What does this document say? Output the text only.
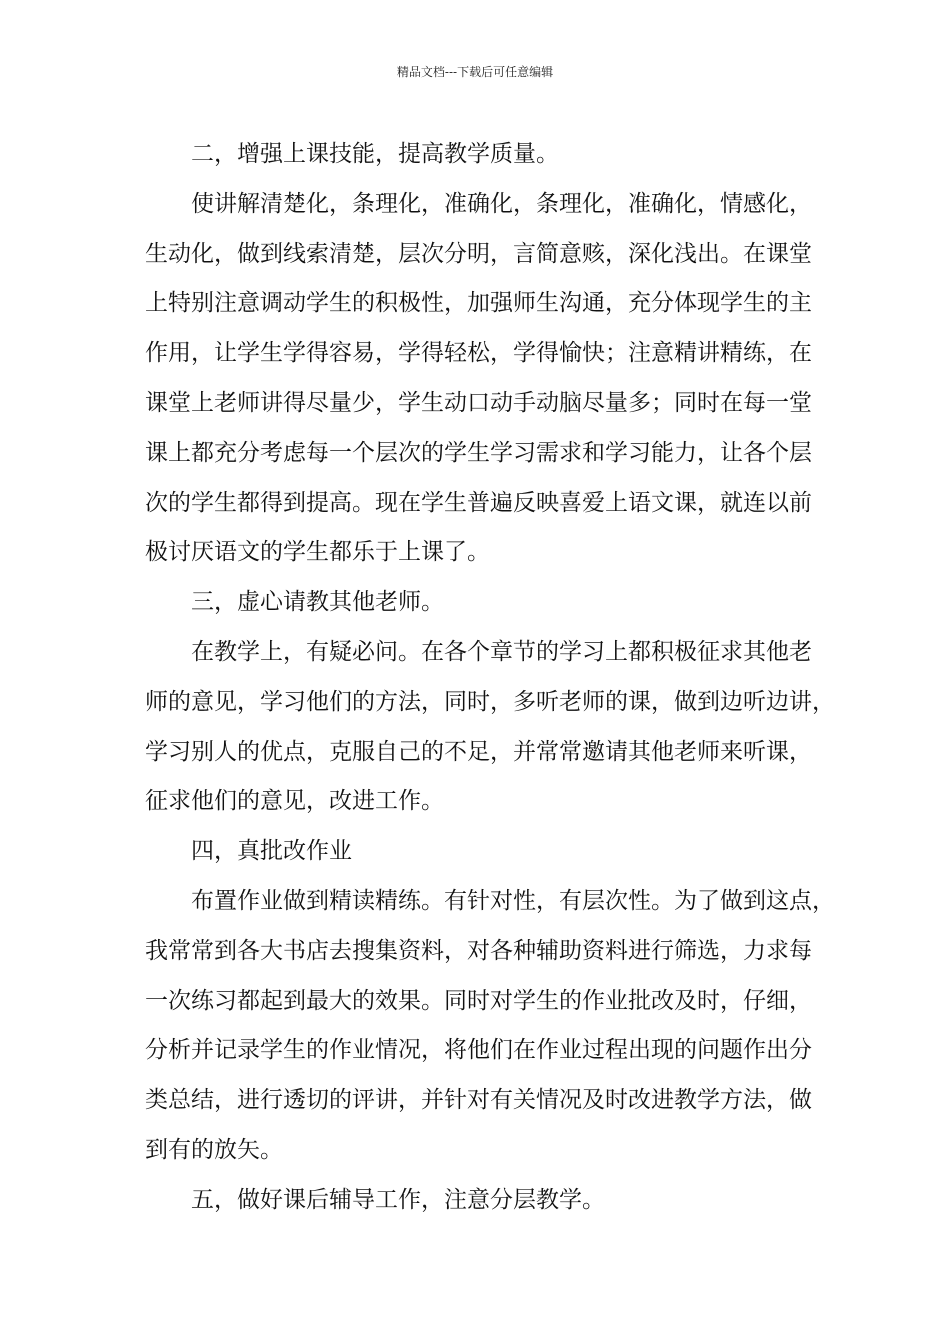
精品文档---下载后可任意编辑
二，增强上课技能，提高教学质量。
使讲解清楚化，条理化，准确化，条理化，准确化，情感化，
生动化，做到线索清楚，层次分明，言简意赅，深化浅出。在课堂
上特别注意调动学生的积极性，加强师生沟通，充分体现学生的主
作用，让学生学得容易，学得轻松，学得愉快；注意精讲精练，在
课堂上老师讲得尽量少，学生动口动手动脑尽量多；同时在每一堂
课上都充分考虑每一个层次的学生学习需求和学习能力，让各个层
次的学生都得到提高。现在学生普遍反映喜爱上语文课，就连以前
极讨厌语文的学生都乐于上课了。
三，虚心请教其他老师。
在教学上，有疑必问。在各个章节的学习上都积极征求其他老
师的意见，学习他们的方法，同时，多听老师的课，做到边听边讲，
学习别人的优点，克服自己的不足，并常常邀请其他老师来听课，
征求他们的意见，改进工作。
四，真批改作业
布置作业做到精读精练。有针对性，有层次性。为了做到这点，
我常常到各大书店去搜集资料，对各种辅助资料进行筛选，力求每
一次练习都起到最大的效果。同时对学生的作业批改及时，仔细，
分析并记录学生的作业情况，将他们在作业过程出现的问题作出分
类总结，进行透切的评讲，并针对有关情况及时改进教学方法，做
到有的放矢。
五，做好课后辅导工作，注意分层教学。
